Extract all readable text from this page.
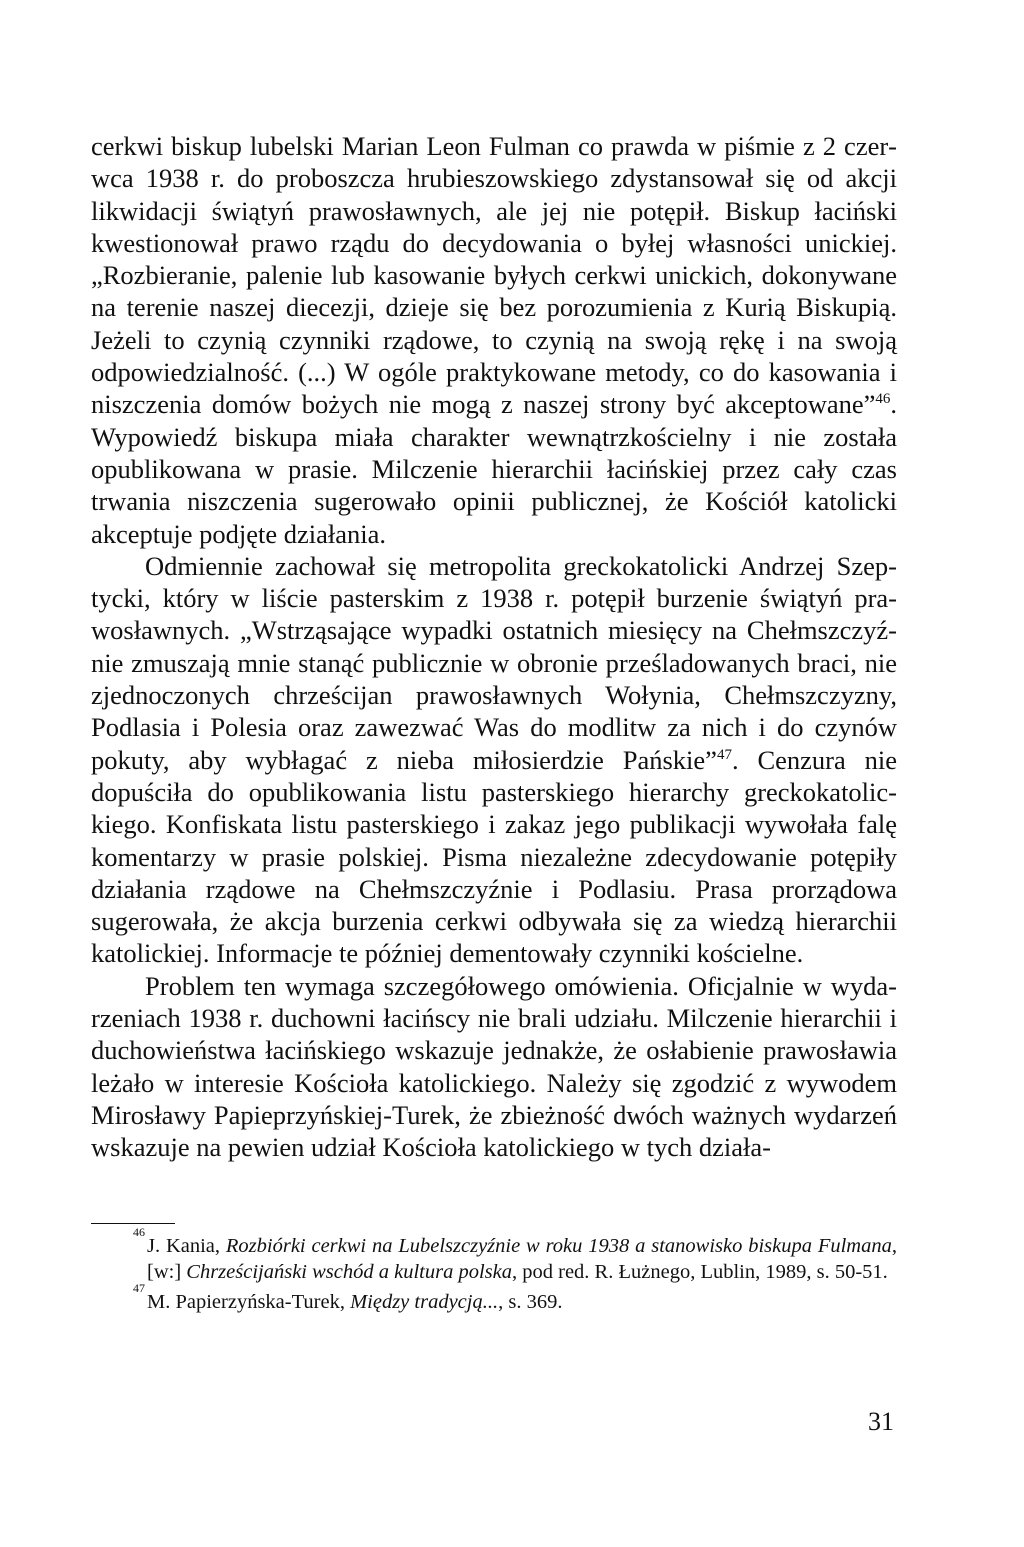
cerkwi biskup lubelski Marian Leon Fulman co prawda w piśmie z 2 czerwca 1938 r. do proboszcza hrubieszowskiego zdystansował się od akcji likwidacji świątyń prawosławnych, ale jej nie potępił. Biskup łaciński kwestionował prawo rządu do decydowania o byłej własności unickiej. „Rozbieranie, palenie lub kasowanie byłych cerkwi unickich, dokonywane na terenie naszej diecezji, dzieje się bez porozumienia z Kurią Biskupią. Jeżeli to czynią czynniki rządowe, to czynią na swoją rękę i na swoją odpowiedzialność. (...) W ogóle praktykowane metody, co do kasowania i niszczenia domów bożych nie mogą z naszej strony być akceptowane”$^{46}$. Wypowiedź biskupa miała charakter wewnątrzkościelny i nie została opublikowana w prasie. Milczenie hierarchii łacińskiej przez cały czas trwania niszczenia sugerowało opinii publicznej, że Kościół katolicki akceptuje podjęte działania.

Odmiennie zachował się metropolita greckokatolicki Andrzej Szeptycki, który w liście pasterskim z 1938 r. potępił burzenie świątyń prawosławnych. „Wstrząsające wypadki ostatnich miesięcy na Chełmszczyźnie zmuszają mnie stanąć publicznie w obronie prześladowanych braci, nie zjednoczonych chrześcijan prawosławnych Wołynia, Chełmszczyzny, Podlasia i Polesia oraz zawezwać Was do modlitw za nich i do czynów pokuty, aby wybłagać z nieba miłosierdzie Pańskie”$^{47}$. Cenzura nie dopuściła do opublikowania listu pasterskiego hierarchy greckokatolickiego. Konfiskata listu pasterskiego i zakaz jego publikacji wywołała falę komentarzy w prasie polskiej. Pisma niezależne zdecydowanie potępiły działania rządowe na Chełmszczyźnie i Podlasiu. Prasa prorządowa sugerowała, że akcja burzenia cerkwi odbywała się za wiedzą hierarchii katolickiej. Informacje te później dementowały czynniki kościelne.

Problem ten wymaga szczegółowego omówienia. Oficjalnie w wydarzeniach 1938 r. duchowni łacińscy nie brali udziału. Milczenie hierarchii i duchowieństwa łacińskiego wskazuje jednakże, że osłabienie prawosławia leżało w interesie Kościoła katolickiego. Należy się zgodzić z wywodem Mirosławy Papieprzyńskiej-Turek, że zbieżność dwóch ważnych wydarzeń wskazuje na pewien udział Kościoła katolickiego w tych działa-

46
J. Kania, Rozbiórki cerkwi na Lubelszczyźnie w roku 1938 a stanowisko biskupa Fulmana, [w:] Chrześcijański wschód a kultura polska, pod red. R. Łużnego, Lublin, 1989, s. 50-51.

47
M. Papierzyńska-Turek, Między tradycją..., s. 369.

31
